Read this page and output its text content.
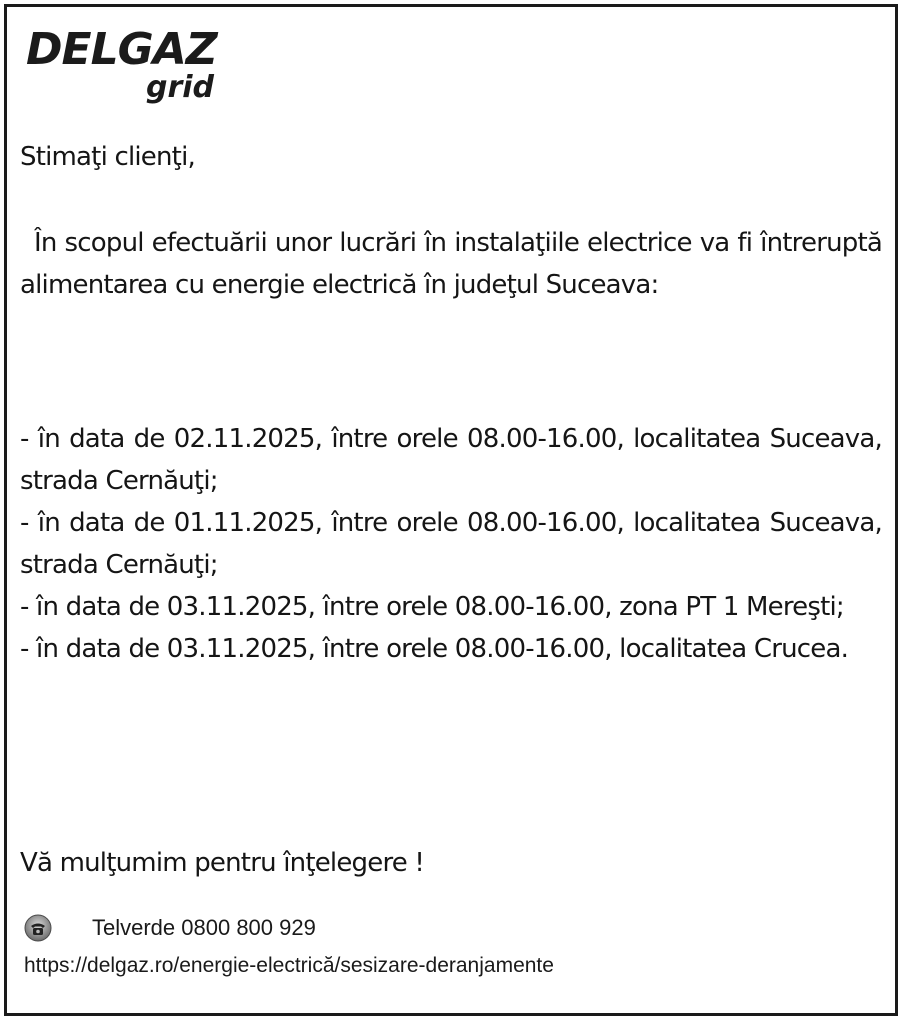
DELGAZ
grid
Stimaţi clienţi,
În scopul efectuării unor lucrări în instalaţiile electrice va fi întreruptă alimentarea cu energie electrică în judeţul Suceava:
- în data de 02.11.2025, între orele 08.00-16.00, localitatea Suceava, strada Cernăuţi;
- în data de 01.11.2025, între orele 08.00-16.00, localitatea Suceava, strada Cernăuţi;
- în data de 03.11.2025, între orele 08.00-16.00, zona PT 1 Mereşti;
- în data de 03.11.2025, între orele 08.00-16.00, localitatea Crucea.
Vă mulţumim pentru înţelegere !
Telverde 0800 800 929
https://delgaz.ro/energie-electrică/sesizare-deranjamente
